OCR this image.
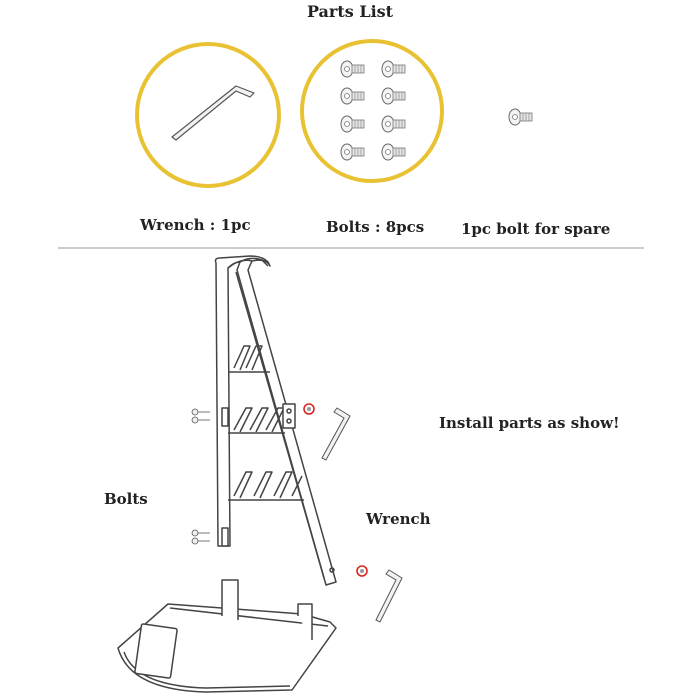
Parts List
Wrench : 1pc	Bolts : 8pcs 1pc bolt for spare
Install parts as show!
Bolts
Wrench
